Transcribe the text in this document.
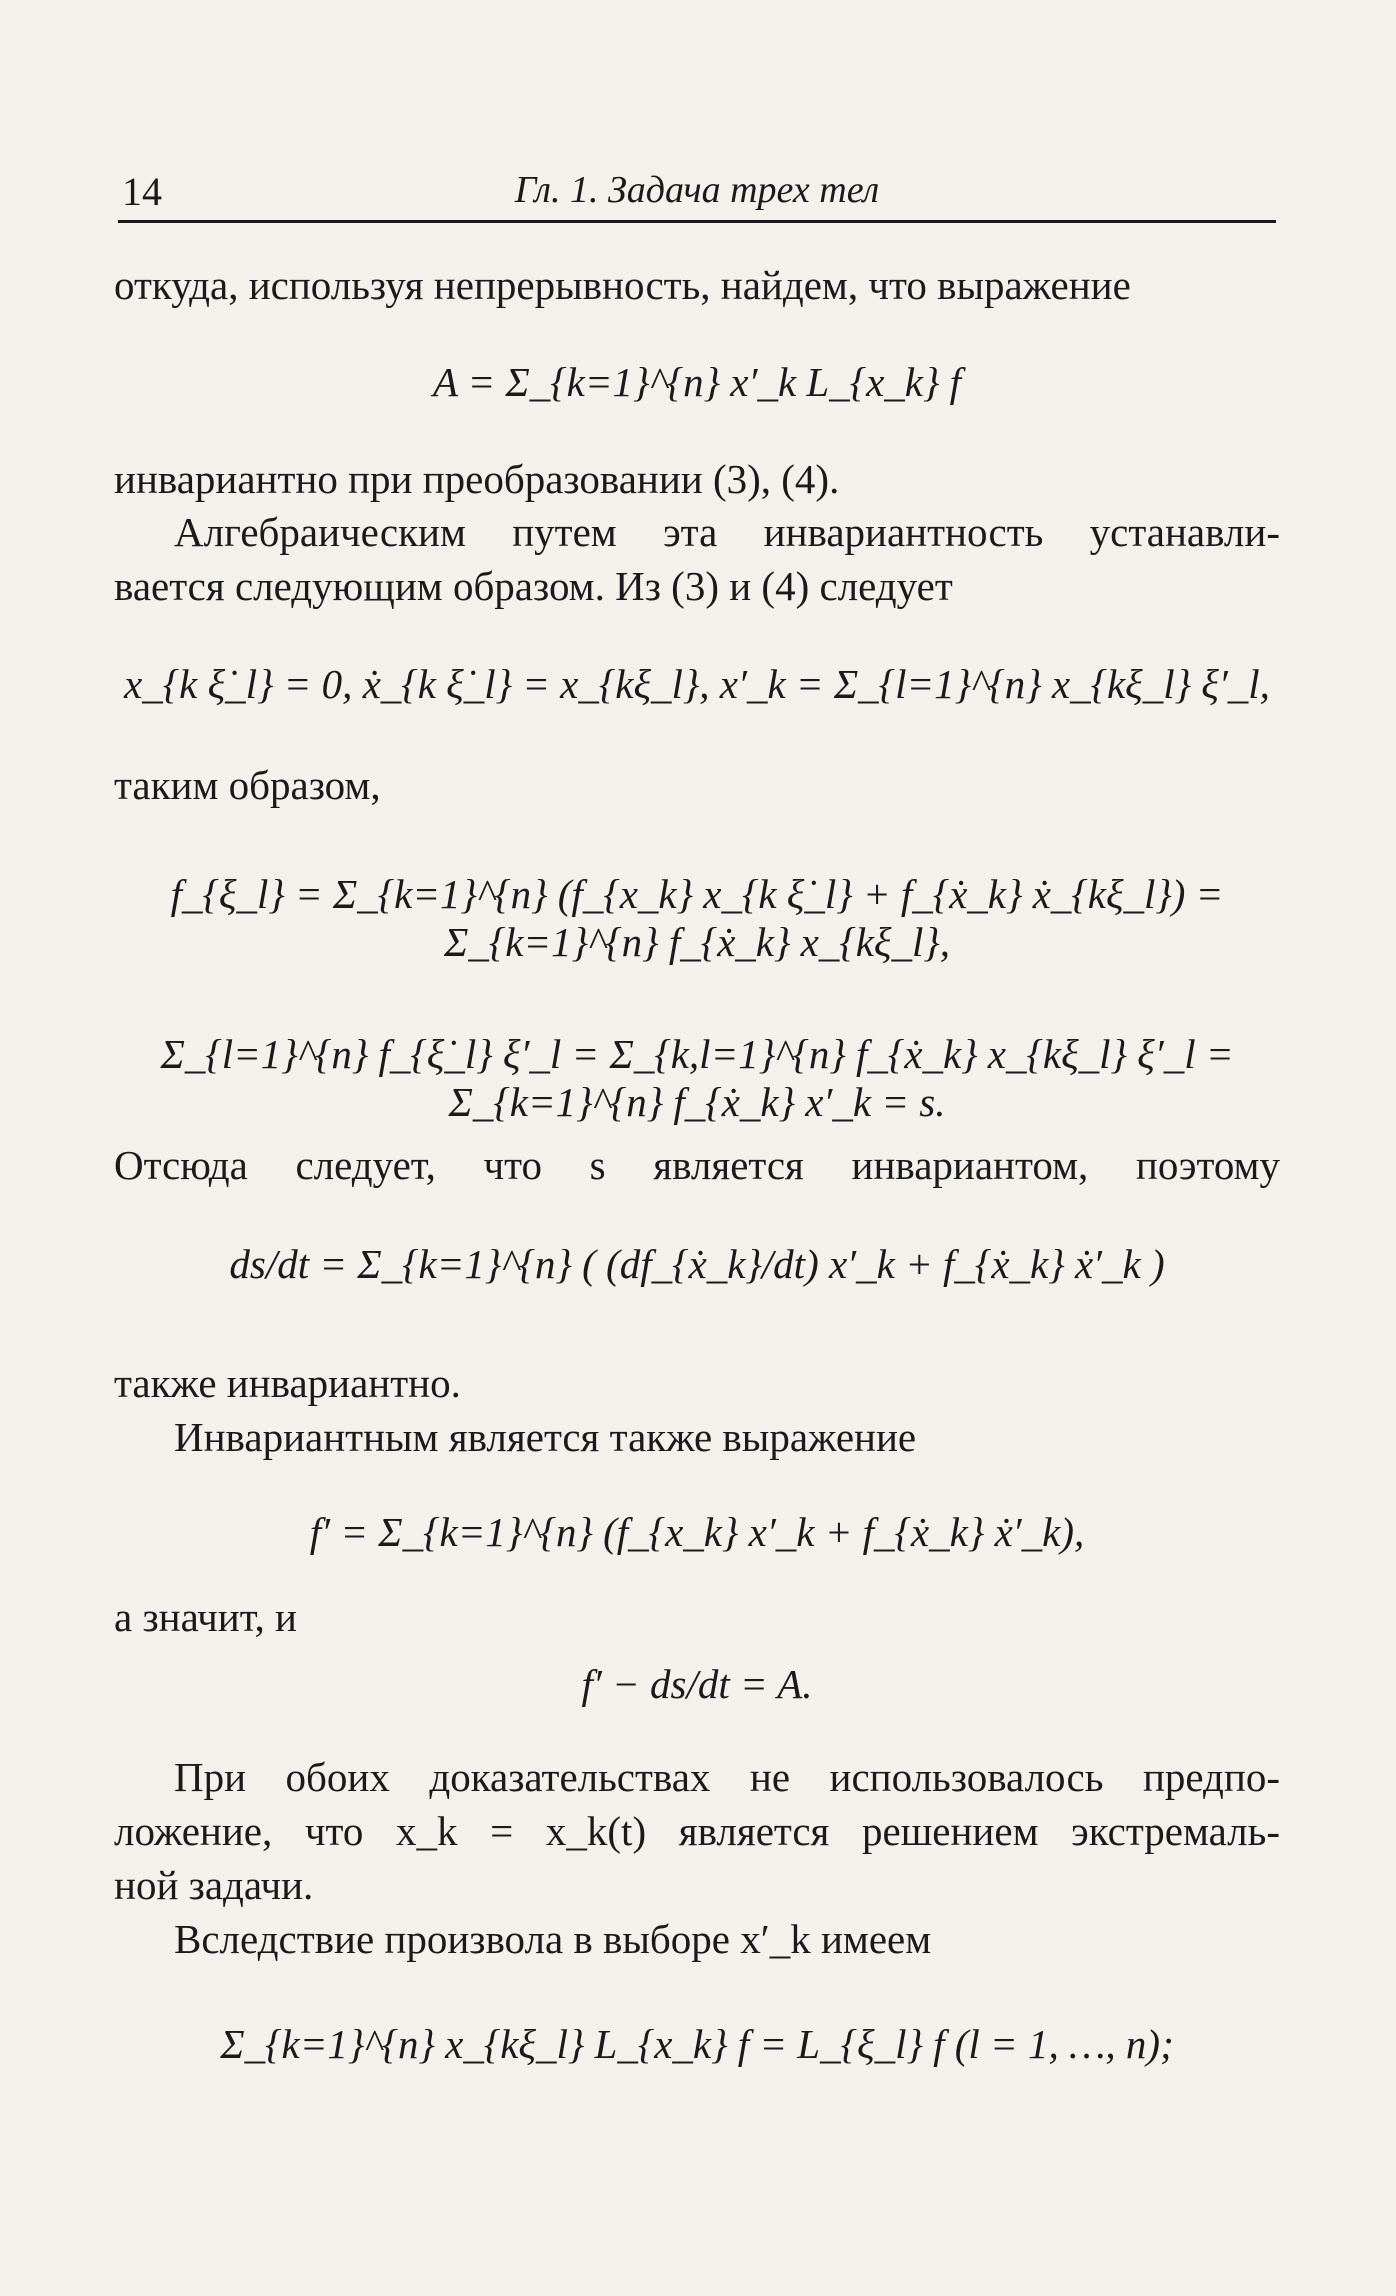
14	Гл. 1. Задача трех тел

откуда, используя непрерывность, найдем, что выражение

A = Σ_{k=1}^{n} x′_k L_{x_k} f

инвариантно при преобразовании (3), (4).

Алгебраическим путем эта инвариантность устанавли-

вается следующим образом. Из (3) и (4) следует

x_{k ξ̇_l} = 0, ẋ_{k ξ̇_l} = x_{kξ_l}, x′_k = Σ_{l=1}^{n} x_{kξ_l} ξ′_l,

таким образом,

f_{ξ_l} = Σ_{k=1}^{n} (f_{x_k} x_{k ξ̇_l} + f_{ẋ_k} ẋ_{kξ_l}) = Σ_{k=1}^{n} f_{ẋ_k} x_{kξ_l},

Σ_{l=1}^{n} f_{ξ̇_l} ξ′_l = Σ_{k,l=1}^{n} f_{ẋ_k} x_{kξ_l} ξ′_l = Σ_{k=1}^{n} f_{ẋ_k} x′_k = s.

Отсюда следует, что s является инвариантом, поэтому

ds/dt = Σ_{k=1}^{n} ( (df_{ẋ_k}/dt) x′_k + f_{ẋ_k} ẋ′_k )

также инвариантно.

Инвариантным является также выражение

f′ = Σ_{k=1}^{n} (f_{x_k} x′_k + f_{ẋ_k} ẋ′_k),

а значит, и

f′ − ds/dt = A.

При обоих доказательствах не использовалось предпо-

ложение, что x_k = x_k(t) является решением экстремаль-

ной задачи.

Вследствие произвола в выборе x′_k имеем

Σ_{k=1}^{n} x_{kξ_l} L_{x_k} f = L_{ξ_l} f (l = 1, …, n);
